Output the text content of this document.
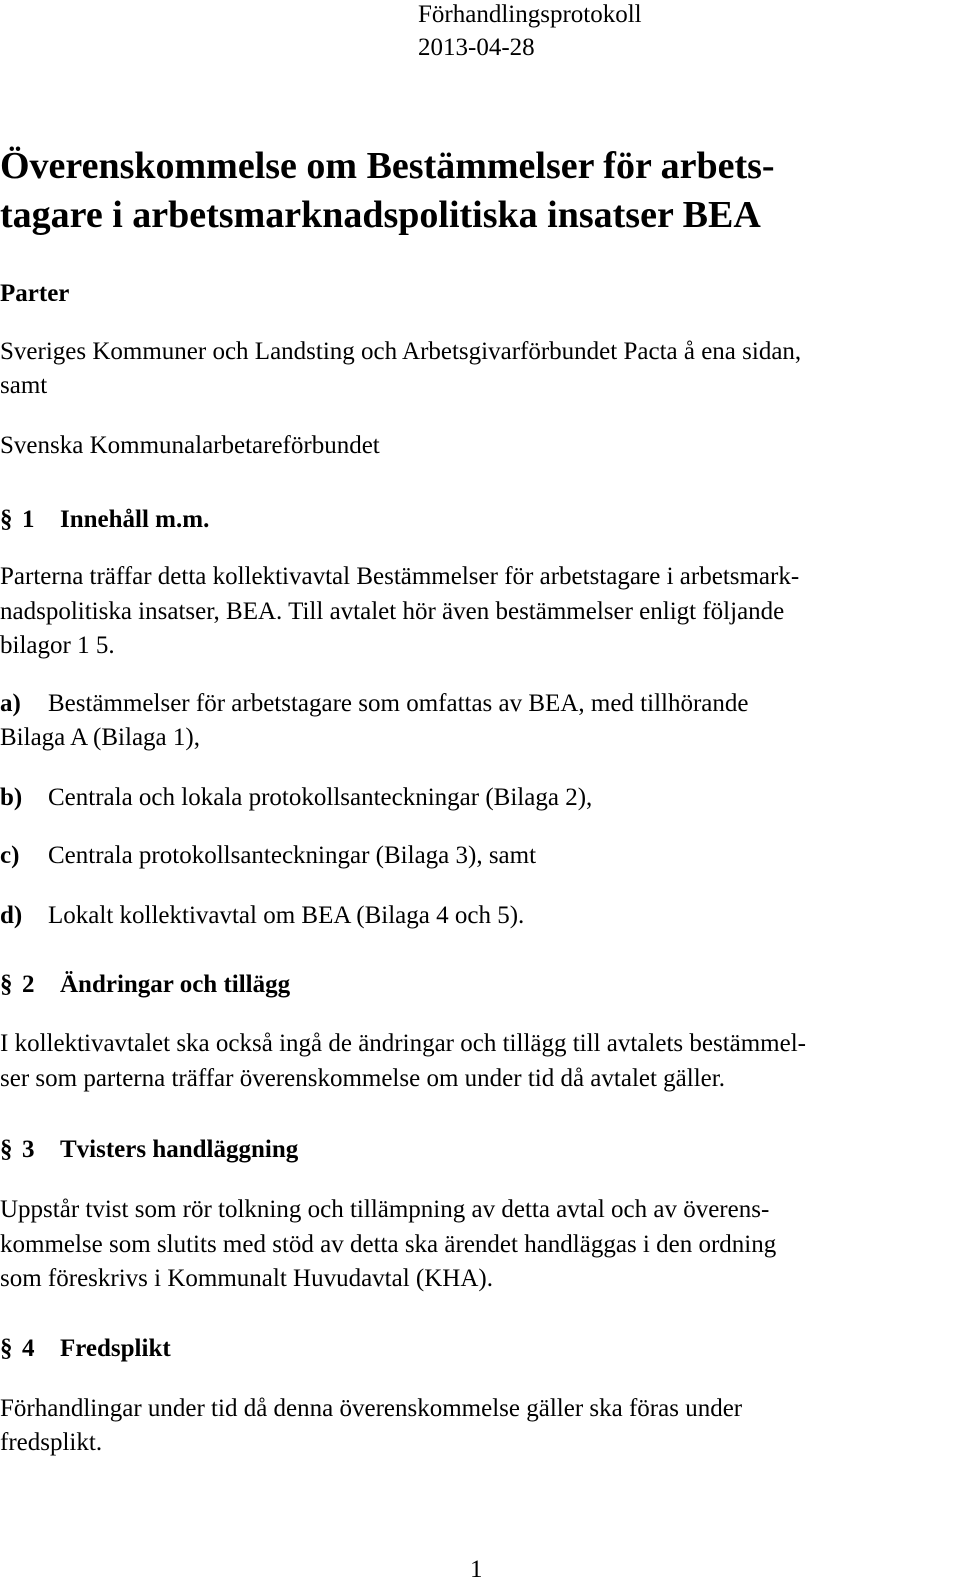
Förhandlingsprotokoll
2013-04-28
Överenskommelse om Bestämmelser för arbets-
tagare i arbetsmarknadspolitiska insatser BEA
Parter
Sveriges Kommuner och Landsting och Arbetsgivarförbundet Pacta å ena sidan,
samt
Svenska Kommunalarbetareförbundet
§ 1 Innehåll m.m.
Parterna träffar detta kollektivavtal Bestämmelser för arbetstagare i arbetsmark-
nadspolitiska insatser, BEA. Till avtalet hör även bestämmelser enligt följande
bilagor 1 5.
a) Bestämmelser för arbetstagare som omfattas av BEA, med tillhörande
Bilaga A (Bilaga 1),
b) Centrala och lokala protokollsanteckningar (Bilaga 2),
c) Centrala protokollsanteckningar (Bilaga 3), samt
d) Lokalt kollektivavtal om BEA (Bilaga 4 och 5).
§ 2 Ändringar och tillägg
I kollektivavtalet ska också ingå de ändringar och tillägg till avtalets bestämmel-
ser som parterna träffar överenskommelse om under tid då avtalet gäller.
§ 3 Tvisters handläggning
Uppstår tvist som rör tolkning och tillämpning av detta avtal och av överens-
kommelse som slutits med stöd av detta ska ärendet handläggas i den ordning
som föreskrivs i Kommunalt Huvudavtal (KHA).
§ 4 Fredsplikt
Förhandlingar under tid då denna överenskommelse gäller ska föras under
fredsplikt.
1
